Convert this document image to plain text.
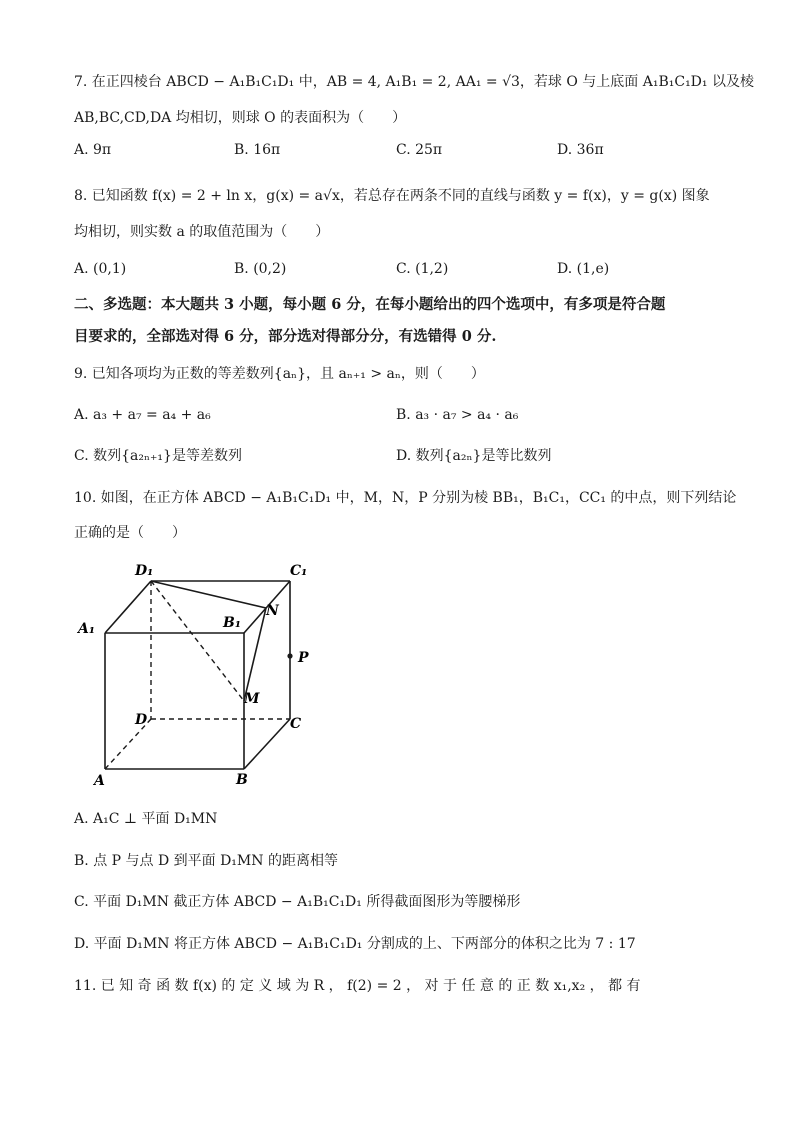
7. 在正四棱台 ABCD − A₁B₁C₁D₁ 中，AB = 4, A₁B₁ = 2, AA₁ = √3，若球 O 与上底面 A₁B₁C₁D₁ 以及棱
AB,BC,CD,DA 均相切，则球 O 的表面积为（　　）
A. 9π	B. 16π	C. 25π	D. 36π
8. 已知函数 f(x) = 2 + ln x，g(x) = a√x，若总存在两条不同的直线与函数 y = f(x)，y = g(x) 图象
均相切，则实数 a 的取值范围为（　　）
A. (0,1)	B. (0,2)	C. (1,2)	D. (1,e)
二、多选题：本大题共 3 小题，每小题 6 分，在每小题给出的四个选项中，有多项是符合题
目要求的，全部选对得 6 分，部分选对得部分分，有选错得 0 分.
9. 已知各项均为正数的等差数列{aₙ}，且 aₙ₊₁ > aₙ，则（　　）
A. a₃ + a₇ = a₄ + a₆	B. a₃ · a₇ > a₄ · a₆
C. 数列{a₂ₙ₊₁}是等差数列	D. 数列{a₂ₙ}是等比数列
10. 如图，在正方体 ABCD − A₁B₁C₁D₁ 中，M，N，P 分别为棱 BB₁，B₁C₁，CC₁ 的中点，则下列结论
正确的是（　　）
D₁	C₁
A₁	B₁
N
P
M
D	C
A	B
A. A₁C ⊥ 平面 D₁MN
B. 点 P 与点 D 到平面 D₁MN 的距离相等
C. 平面 D₁MN 截正方体 ABCD − A₁B₁C₁D₁ 所得截面图形为等腰梯形
D. 平面 D₁MN 将正方体 ABCD − A₁B₁C₁D₁ 分割成的上、下两部分的体积之比为 7 : 17
11. 已 知 奇 函 数 f(x) 的 定 义 域 为 R ， f(2) = 2 ， 对 于 任 意 的 正 数 x₁,x₂ ， 都 有
